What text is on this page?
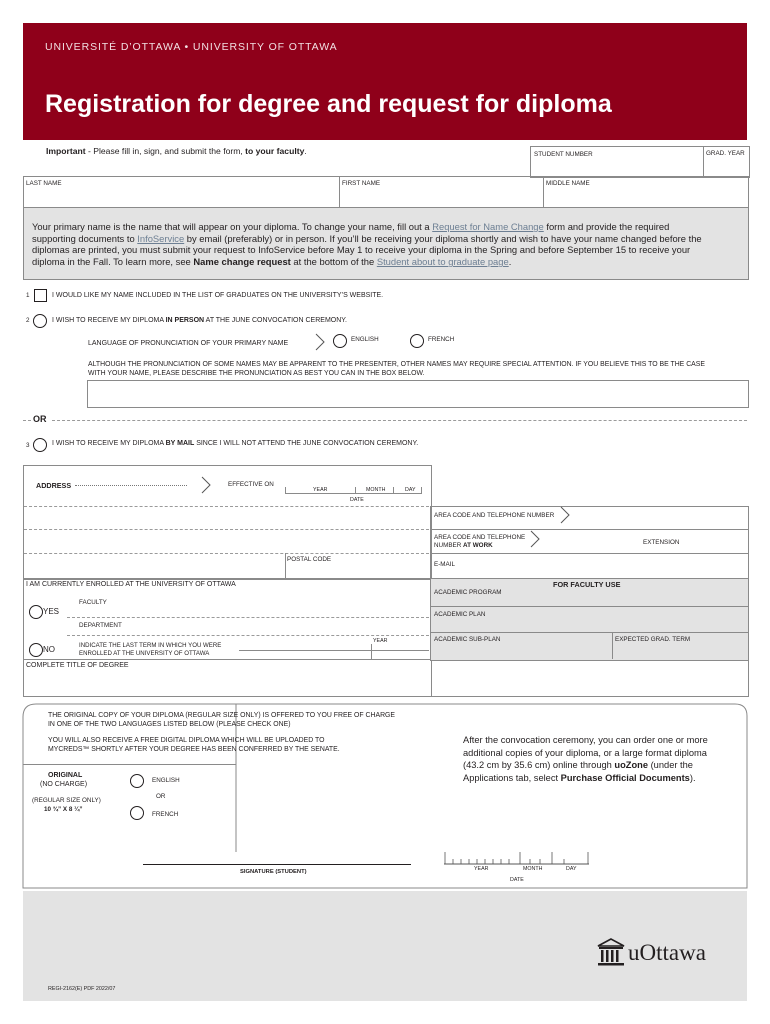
UNIVERSITÉ D’OTTAWA • UNIVERSITY OF OTTAWA
Registration for degree and request for diploma
Important - Please fill in, sign, and submit the form, to your faculty.	STUDENT NUMBER	GRAD. YEAR
LAST NAME	FIRST NAME	MIDDLE NAME
Your primary name is the name that will appear on your diploma. To change your name, fill out a Request for Name Change form and provide the required supporting documents to InfoService by email (preferably) or in person. If you’ll be receiving your diploma shortly and wish to have your name changed before the diplomas are printed, you must submit your request to InfoService before May 1 to receive your diploma in the Spring and before September 15 to receive your diploma in the Fall. To learn more, see Name change request at the bottom of the Student about to graduate page.
1	I WOULD LIKE MY NAME INCLUDED IN THE LIST OF GRADUATES ON THE UNIVERSITY’S WEBSITE.
2	I WISH TO RECEIVE MY DIPLOMA IN PERSON AT THE JUNE CONVOCATION CEREMONY.
LANGUAGE OF PRONUNCIATION OF YOUR PRIMARY NAME
ENGLISH	FRENCH
ALTHOUGH THE PRONUNCIATION OF SOME NAMES MAY BE APPARENT TO THE PRESENTER, OTHER NAMES MAY REQUIRE SPECIAL ATTENTION. IF YOU BELIEVE THIS TO BE THE CASE WITH YOUR NAME, PLEASE DESCRIBE THE PRONUNCIATION AS BEST YOU CAN IN THE BOX BELOW.
OR
3	I WISH TO RECEIVE MY DIPLOMA BY MAIL SINCE I WILL NOT ATTEND THE JUNE CONVOCATION CEREMONY.
ADDRESS	EFFECTIVE ON
YEAR	MONTH	DAY
DATE
POSTAL CODE
AREA CODE AND TELEPHONE NUMBER
AREA CODE AND TELEPHONE
NUMBER AT WORK	EXTENSION
E-MAIL
I AM CURRENTLY ENROLLED AT THE UNIVERSITY OF OTTAWA
YES
FACULTY
DEPARTMENT
NO	INDICATE THE LAST TERM IN WHICH YOU WERE ENROLLED AT THE UNIVERSITY OF OTTAWA
YEAR
COMPLETE TITLE OF DEGREE
FOR FACULTY USE
ACADEMIC PROGRAM
ACADEMIC PLAN
ACADEMIC SUB-PLAN	EXPECTED GRAD. TERM
THE ORIGINAL COPY OF YOUR DIPLOMA (REGULAR SIZE ONLY) IS OFFERED TO YOU FREE OF CHARGE IN ONE OF THE TWO LANGUAGES LISTED BELOW (PLEASE CHECK ONE)
YOU WILL ALSO RECEIVE A FREE DIGITAL DIPLOMA WHICH WILL BE UPLOADED TO MYCREDS™ SHORTLY AFTER YOUR DEGREE HAS BEEN CONFERRED BY THE SENATE.
ORIGINAL
(NO CHARGE)
(REGULAR SIZE ONLY)
10 ¾” X 8 ¼”
ENGLISH
OR
FRENCH
After the convocation ceremony, you can order one or more additional copies of your diploma, or a large format diploma (43.2 cm by 35.6 cm) online through uoZone (under the Applications tab, select Purchase Official Documents).
SIGNATURE (STUDENT)	YEAR	MONTH	DAY
DATE
REGI-2162(E) PDF 2022/07
uOttawa
